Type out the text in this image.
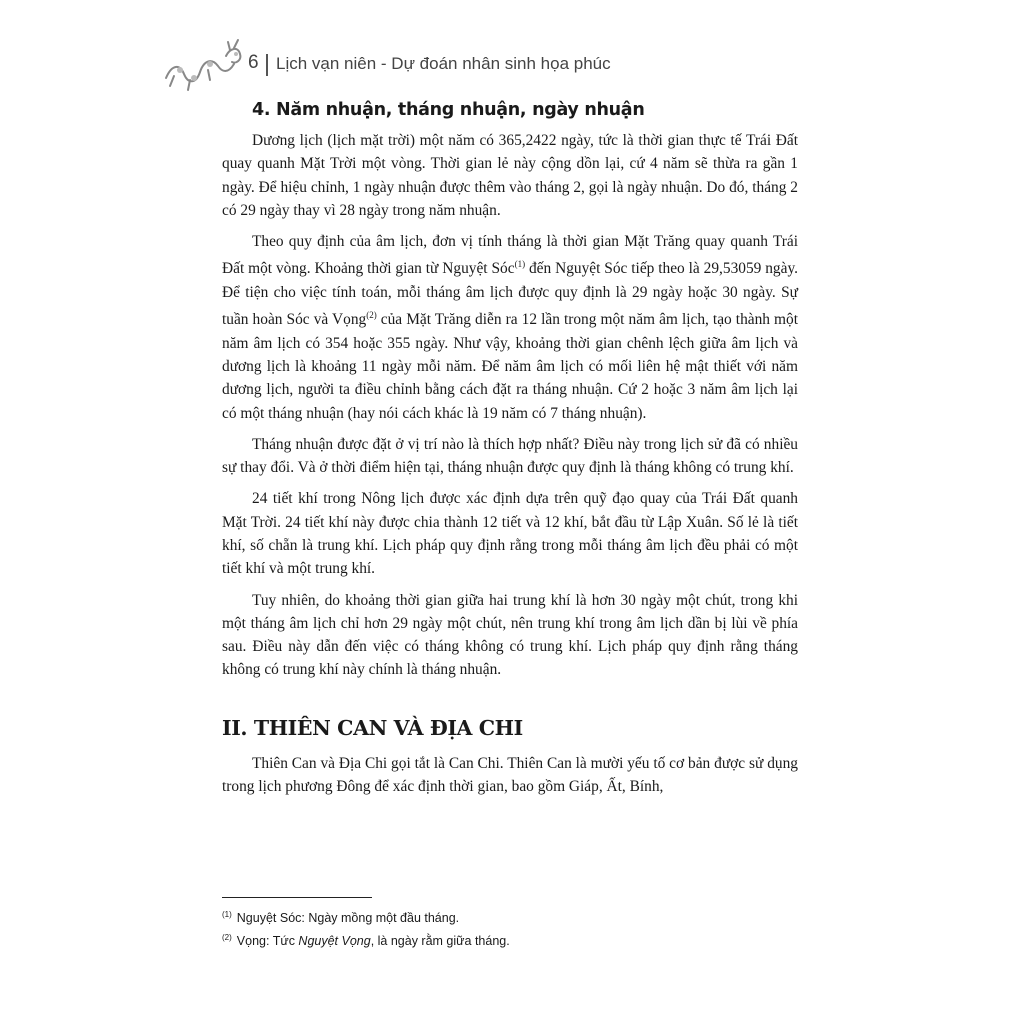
6 Lịch vạn niên - Dự đoán nhân sinh họa phúc
4. Năm nhuận, tháng nhuận, ngày nhuận

Dương lịch (lịch mặt trời) một năm có 365,2422 ngày, tức là thời gian thực tế Trái Đất quay quanh Mặt Trời một vòng. Thời gian lẻ này cộng dồn lại, cứ 4 năm sẽ thừa ra gần 1 ngày. Để hiệu chỉnh, 1 ngày nhuận được thêm vào tháng 2, gọi là ngày nhuận. Do đó, tháng 2 có 29 ngày thay vì 28 ngày trong năm nhuận.

Theo quy định của âm lịch, đơn vị tính tháng là thời gian Mặt Trăng quay quanh Trái Đất một vòng. Khoảng thời gian từ Nguyệt Sóc$^{(1)}$ đến Nguyệt Sóc tiếp theo là 29,53059 ngày. Để tiện cho việc tính toán, mỗi tháng âm lịch được quy định là 29 ngày hoặc 30 ngày. Sự tuần hoàn Sóc và Vọng$^{(2)}$ của Mặt Trăng diễn ra 12 lần trong một năm âm lịch, tạo thành một năm âm lịch có 354 hoặc 355 ngày. Như vậy, khoảng thời gian chênh lệch giữa âm lịch và dương lịch là khoảng 11 ngày mỗi năm. Để năm âm lịch có mối liên hệ mật thiết với năm dương lịch, người ta điều chỉnh bằng cách đặt ra tháng nhuận. Cứ 2 hoặc 3 năm âm lịch lại có một tháng nhuận (hay nói cách khác là 19 năm có 7 tháng nhuận).

Tháng nhuận được đặt ở vị trí nào là thích hợp nhất? Điều này trong lịch sử đã có nhiều sự thay đổi. Và ở thời điểm hiện tại, tháng nhuận được quy định là tháng không có trung khí.

24 tiết khí trong Nông lịch được xác định dựa trên quỹ đạo quay của Trái Đất quanh Mặt Trời. 24 tiết khí này được chia thành 12 tiết và 12 khí, bắt đầu từ Lập Xuân. Số lẻ là tiết khí, số chẵn là trung khí. Lịch pháp quy định rằng trong mỗi tháng âm lịch đều phải có một tiết khí và một trung khí.

Tuy nhiên, do khoảng thời gian giữa hai trung khí là hơn 30 ngày một chút, trong khi một tháng âm lịch chỉ hơn 29 ngày một chút, nên trung khí trong âm lịch dần bị lùi về phía sau. Điều này dẫn đến việc có tháng không có trung khí. Lịch pháp quy định rằng tháng không có trung khí này chính là tháng nhuận.

II. THIÊN CAN VÀ ĐỊA CHI

Thiên Can và Địa Chi gọi tắt là Can Chi. Thiên Can là mười yếu tố cơ bản được sử dụng trong lịch phương Đông để xác định thời gian, bao gồm Giáp, Ất, Bính,

$^{(1)}$ Nguyệt Sóc: Ngày mồng một đầu tháng.
$^{(2)}$ Vọng: Tức Nguyệt Vọng, là ngày rằm giữa tháng.
